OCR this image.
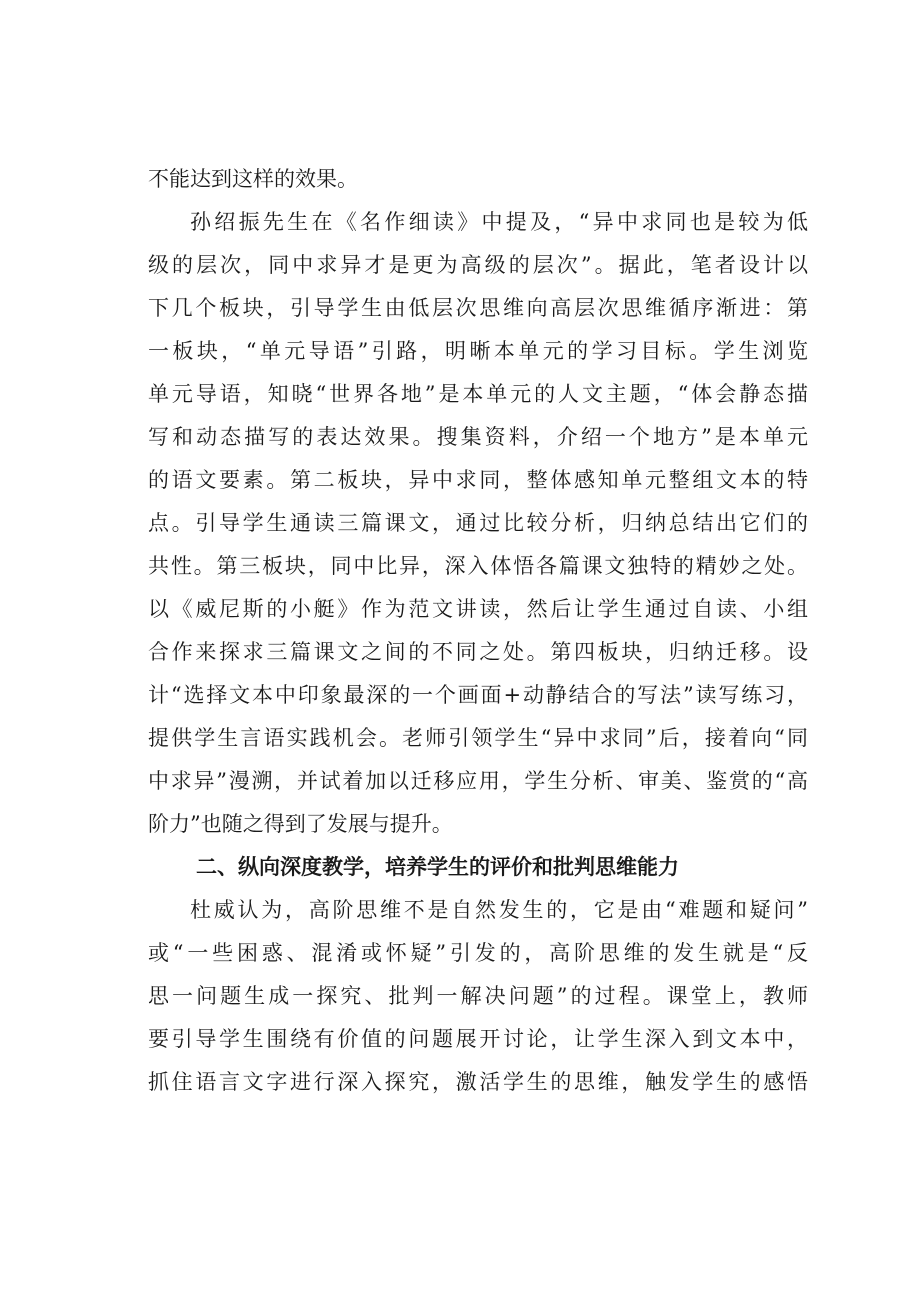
不能达到这样的效果。
孙绍振先生在《名作细读》中提及，“异中求同也是较为低
级的层次，同中求异才是更为高级的层次”。据此，笔者设计以
下几个板块，引导学生由低层次思维向高层次思维循序渐进：第
一板块，“单元导语”引路，明晰本单元的学习目标。学生浏览
单元导语，知晓“世界各地”是本单元的人文主题，“体会静态描
写和动态描写的表达效果。搜集资料，介绍一个地方”是本单元
的语文要素。第二板块，异中求同，整体感知单元整组文本的特
点。引导学生通读三篇课文，通过比较分析，归纳总结出它们的
共性。第三板块，同中比异，深入体悟各篇课文独特的精妙之处。
以《威尼斯的小艇》作为范文讲读，然后让学生通过自读、小组
合作来探求三篇课文之间的不同之处。第四板块，归纳迁移。设
计“选择文本中印象最深的一个画面+动静结合的写法”读写练习，
提供学生言语实践机会。老师引领学生“异中求同”后，接着向“同
中求异”漫溯，并试着加以迁移应用，学生分析、审美、鉴赏的“高
阶力”也随之得到了发展与提升。
二、纵向深度教学，培养学生的评价和批判思维能力
杜威认为，高阶思维不是自然发生的，它是由“难题和疑问”
或“一些困惑、混淆或怀疑”引发的，高阶思维的发生就是“反
思一问题生成一探究、批判一解决问题”的过程。课堂上，教师
要引导学生围绕有价值的问题展开讨论，让学生深入到文本中，
抓住语言文字进行深入探究，激活学生的思维，触发学生的感悟
